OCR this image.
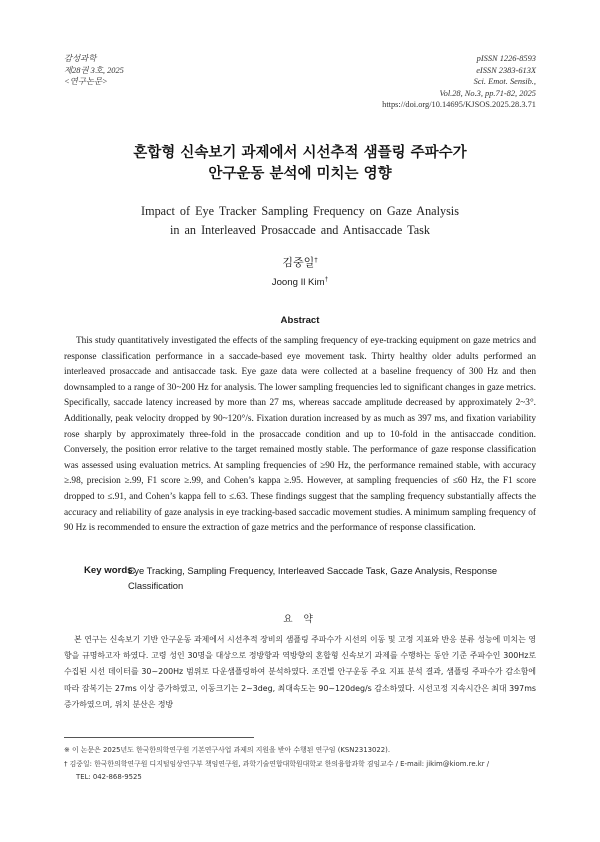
감성과학
제28권 3호, 2025
<연구논문>
pISSN 1226-8593
eISSN 2383-613X
Sci. Emot. Sensib.,
Vol.28, No.3, pp.71-82, 2025
https://doi.org/10.14695/KJSOS.2025.28.3.71
혼합형 신속보기 과제에서 시선추적 샘플링 주파수가
안구운동 분석에 미치는 영향
Impact of Eye Tracker Sampling Frequency on Gaze Analysis
in an Interleaved Prosaccade and Antisaccade Task
김중일†
Joong Il Kim†
Abstract

This study quantitatively investigated the effects of the sampling frequency of eye-tracking equipment on gaze metrics and response classification performance in a saccade-based eye movement task. Thirty healthy older adults performed an interleaved prosaccade and antisaccade task. Eye gaze data were collected at a baseline frequency of 300 Hz and then downsampled to a range of 30~200 Hz for analysis. The lower sampling frequencies led to significant changes in gaze metrics. Specifically, saccade latency increased by more than 27 ms, whereas saccade amplitude decreased by approximately 2~3°. Additionally, peak velocity dropped by 90~120°/s. Fixation duration increased by as much as 397 ms, and fixation variability rose sharply by approximately three-fold in the prosaccade condition and up to 10-fold in the antisaccade condition. Conversely, the position error relative to the target remained mostly stable. The performance of gaze response classification was assessed using evaluation metrics. At sampling frequencies of ≥90 Hz, the performance remained stable, with accuracy ≥.98, precision ≥.99, F1 score ≥.99, and Cohen’s kappa ≥.95. However, at sampling frequencies of ≤60 Hz, the F1 score dropped to ≤.91, and Cohen’s kappa fell to ≤.63. These findings suggest that the sampling frequency substantially affects the accuracy and reliability of gaze analysis in eye tracking-based saccadic movement studies. A minimum sampling frequency of 90 Hz is recommended to ensure the extraction of gaze metrics and the performance of response classification.

Key words:
Eye Tracking, Sampling Frequency, Interleaved Saccade Task, Gaze Analysis, Response Classification
요 약

본 연구는 신속보기 기반 안구운동 과제에서 시선추적 장비의 샘플링 주파수가 시선의 이동 및 고정 지표와 반응 분류 성능에 미치는 영향을 규명하고자 하였다. 고령 성인 30명을 대상으로 정방향과 역방향의 혼합형 신속보기 과제를 수행하는 동안 기준 주파수인 300Hz로 수집된 시선 데이터를 30~200Hz 범위로 다운샘플링하여 분석하였다. 조건별 안구운동 주요 지표 분석 결과, 샘플링 주파수가 감소함에 따라 잠복기는 27ms 이상 증가하였고, 이동크기는 2~3deg, 최대속도는 90~120deg/s 감소하였다. 시선고정 지속시간은 최대 397ms 증가하였으며, 위치 분산은 정방

※ 이 논문은 2025년도 한국한의학연구원 기본연구사업 과제의 지원을 받아 수행된 연구임 (KSN2313022).
† 김중일: 한국한의학연구원 디지털임상연구부 책임연구원, 과학기술연합대학원대학교 한의융합과학 겸임교수 / E-mail: jikim@kiom.re.kr /
TEL: 042-868-9525
